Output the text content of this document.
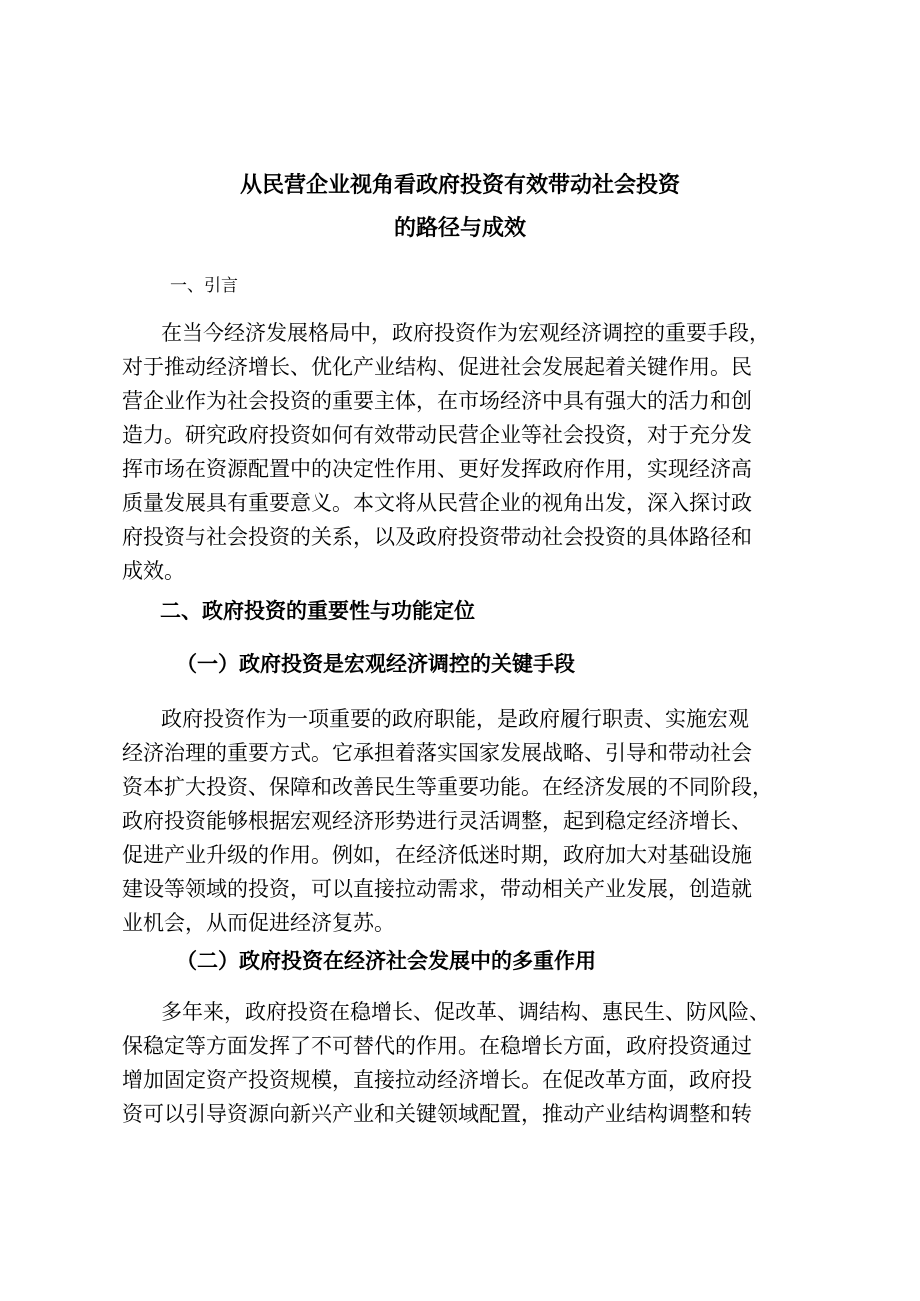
从民营企业视角看政府投资有效带动社会投资
的路径与成效
一、引言
在当今经济发展格局中，政府投资作为宏观经济调控的重要手段，
对于推动经济增长、优化产业结构、促进社会发展起着关键作用。民
营企业作为社会投资的重要主体，在市场经济中具有强大的活力和创
造力。研究政府投资如何有效带动民营企业等社会投资，对于充分发
挥市场在资源配置中的决定性作用、更好发挥政府作用，实现经济高
质量发展具有重要意义。本文将从民营企业的视角出发，深入探讨政
府投资与社会投资的关系，以及政府投资带动社会投资的具体路径和
成效。
二、政府投资的重要性与功能定位
（一）政府投资是宏观经济调控的关键手段
政府投资作为一项重要的政府职能，是政府履行职责、实施宏观
经济治理的重要方式。它承担着落实国家发展战略、引导和带动社会
资本扩大投资、保障和改善民生等重要功能。在经济发展的不同阶段，
政府投资能够根据宏观经济形势进行灵活调整，起到稳定经济增长、
促进产业升级的作用。例如，在经济低迷时期，政府加大对基础设施
建设等领域的投资，可以直接拉动需求，带动相关产业发展，创造就
业机会，从而促进经济复苏。
（二）政府投资在经济社会发展中的多重作用
多年来，政府投资在稳增长、促改革、调结构、惠民生、防风险、
保稳定等方面发挥了不可替代的作用。在稳增长方面，政府投资通过
增加固定资产投资规模，直接拉动经济增长。在促改革方面，政府投
资可以引导资源向新兴产业和关键领域配置，推动产业结构调整和转
